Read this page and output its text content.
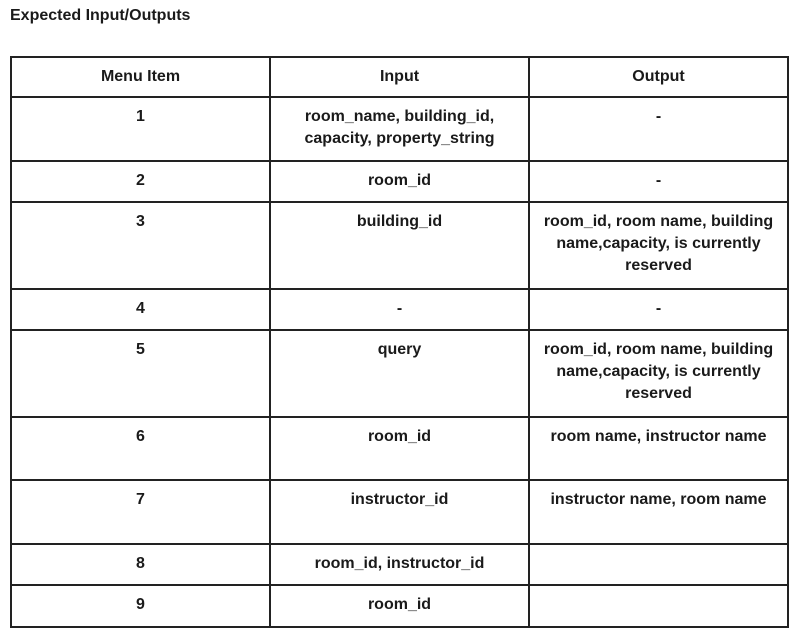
Expected Input/Outputs
Menu Item	Input	Output
1	room_name, building_id, capacity, property_string	-
2	room_id	-
3	building_id	room_id, room name, building name,capacity, is currently reserved
4	-	-
5	query	room_id, room name, building name,capacity, is currently reserved
6	room_id	room name, instructor name
7	instructor_id	instructor name, room name
8	room_id, instructor_id	
9	room_id	
